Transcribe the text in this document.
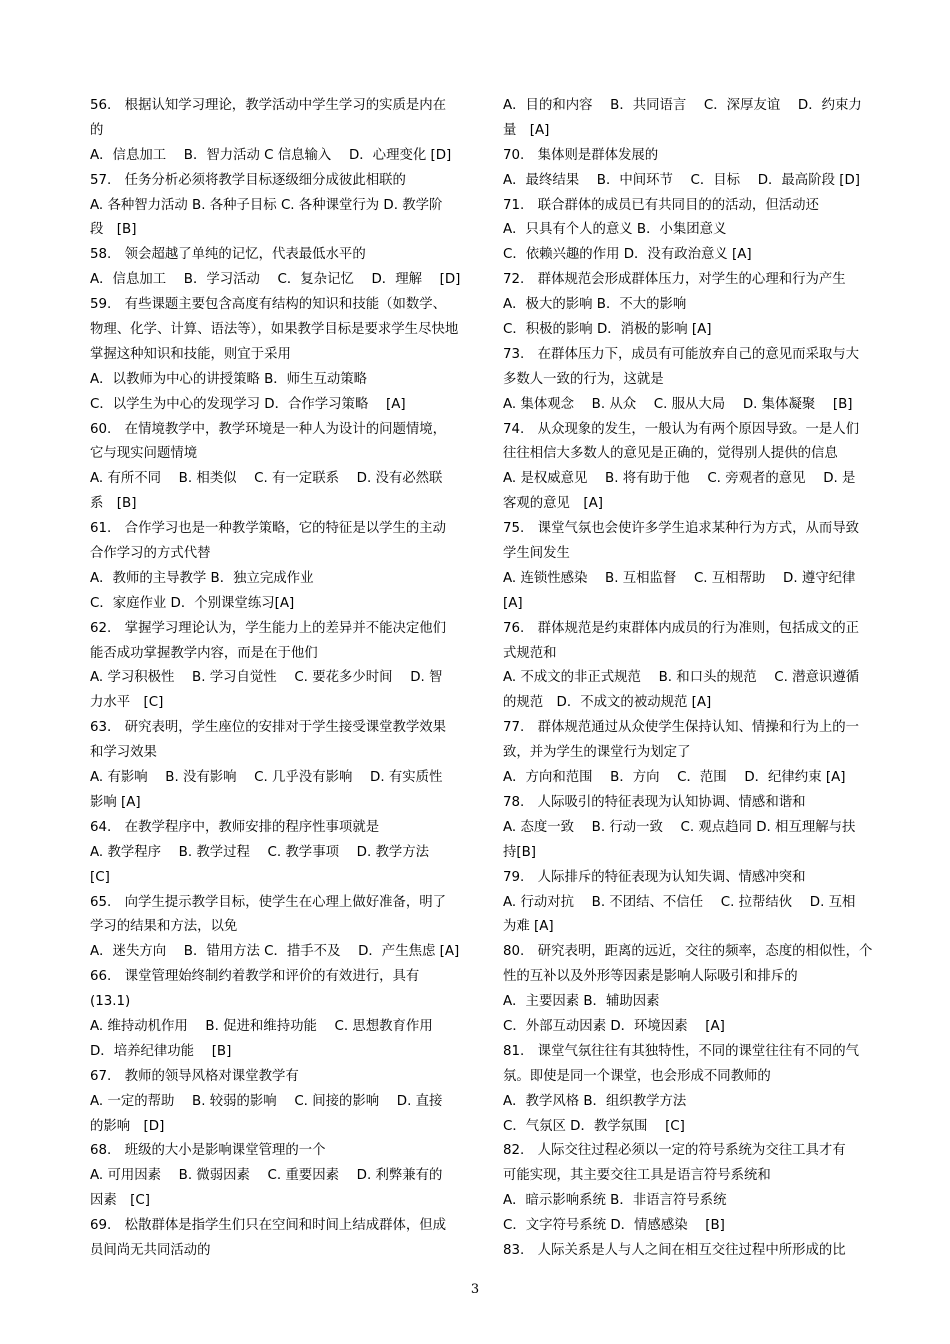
56.　根据认知学习理论，教学活动中学生学习的实质是内在
的
A．信息加工　 B．智力活动 C 信息输入　 D．心理变化 [D]
57.　任务分析必须将教学目标逐级细分成彼此相联的
A. 各种智力活动 B. 各种子目标 C. 各种课堂行为 D. 教学阶
段　[B]
58.　领会超越了单纯的记忆，代表最低水平的
A．信息加工　 B．学习活动　 C．复杂记忆　 D．理解　 [D]
59.　有些课题主要包含高度有结构的知识和技能（如数学、
物理、化学、计算、语法等），如果教学目标是要求学生尽快地
掌握这种知识和技能，则宜于采用
A．以教师为中心的讲授策略 B．师生互动策略
C．以学生为中心的发现学习 D．合作学习策略　 [A]
60.　在情境教学中，教学环境是一种人为设计的问题情境，
它与现实问题情境
A. 有所不同　 B. 相类似　 C. 有一定联系　 D. 没有必然联
系　[B]
61.　合作学习也是一种教学策略，它的特征是以学生的主动
合作学习的方式代替
A．教师的主导教学 B．独立完成作业
C．家庭作业 D．个别课堂练习[A]
62.　掌握学习理论认为，学生能力上的差异并不能决定他们
能否成功掌握教学内容，而是在于他们
A. 学习积极性　 B. 学习自觉性　 C. 要花多少时间　 D. 智
力水平　[C]
63.　研究表明，学生座位的安排对于学生接受课堂教学效果
和学习效果
A. 有影响　 B. 没有影响　 C. 几乎没有影响　 D. 有实质性
影响 [A]
64.　在教学程序中，教师安排的程序性事项就是
A. 教学程序　 B. 教学过程　 C. 教学事项　 D. 教学方法
[C]
65.　向学生提示教学目标，使学生在心理上做好准备，明了
学习的结果和方法，以免
A．迷失方向　 B．错用方法 C．措手不及　 D．产生焦虑 [A]
66.　课堂管理始终制约着教学和评价的有效进行，具有
(13.1)
A. 维持动机作用　 B. 促进和维持功能　 C. 思想教育作用
D．培养纪律功能　 [B]
67.　教师的领导风格对课堂教学有
A. 一定的帮助　 B. 较弱的影响　 C. 间接的影响　 D. 直接
的影响　[D]
68.　班级的大小是影响课堂管理的一个
A. 可用因素　 B. 微弱因素　 C. 重要因素　 D. 利弊兼有的
因素　[C]
69.　松散群体是指学生们只在空间和时间上结成群体，但成
员间尚无共同活动的
A．目的和内容　 B．共同语言　 C．深厚友谊　 D．约束力
量　[A]
70.　集体则是群体发展的
A．最终结果　 B．中间环节　 C．目标　 D．最高阶段 [D]
71.　联合群体的成员已有共同目的的活动，但活动还
A．只具有个人的意义 B．小集团意义
C．依赖兴趣的作用 D．没有政治意义 [A]
72.　群体规范会形成群体压力，对学生的心理和行为产生
A．极大的影响 B．不大的影响
C．积极的影响 D．消极的影响 [A]
73.　在群体压力下，成员有可能放弃自己的意见而采取与大
多数人一致的行为，这就是
A. 集体观念　 B. 从众　 C. 服从大局　 D. 集体凝聚　 [B]
74.　从众现象的发生，一般认为有两个原因导致。一是人们
往往相信大多数人的意见是正确的，觉得别人提供的信息
A. 是权威意见　 B. 将有助于他　 C. 旁观者的意见　 D. 是
客观的意见　[A]
75.　课堂气氛也会使许多学生追求某种行为方式，从而导致
学生间发生
A. 连锁性感染　 B. 互相监督　 C. 互相帮助　 D. 遵守纪律
[A]
76.　群体规范是约束群体内成员的行为准则，包括成文的正
式规范和
A. 不成文的非正式规范　 B. 和口头的规范　 C. 潜意识遵循
的规范　D．不成文的被动规范 [A]
77.　群体规范通过从众使学生保持认知、情操和行为上的一
致，并为学生的课堂行为划定了
A．方向和范围　 B．方向　 C．范围　 D．纪律约束 [A]
78.　人际吸引的特征表现为认知协调、情感和谐和
A. 态度一致　 B. 行动一致　 C. 观点趋同 D. 相互理解与扶
持[B]
79.　人际排斥的特征表现为认知失调、情感冲突和
A. 行动对抗　 B. 不团结、不信任　 C. 拉帮结伙　 D. 互相
为难 [A]
80.　研究表明，距离的远近，交往的频率，态度的相似性，个
性的互补以及外形等因素是影响人际吸引和排斥的
A．主要因素 B．辅助因素
C．外部互动因素 D．环境因素　 [A]
81.　课堂气氛往往有其独特性，不同的课堂往往有不同的气
氛。即使是同一个课堂，也会形成不同教师的
A．教学风格 B．组织教学方法
C．气氛区 D．教学氛围　 [C]
82.　人际交往过程必须以一定的符号系统为交往工具才有
可能实现，其主要交往工具是语言符号系统和
A．暗示影响系统 B．非语言符号系统
C．文字符号系统 D．情感感染　 [B]
83.　人际关系是人与人之间在相互交往过程中所形成的比
3
